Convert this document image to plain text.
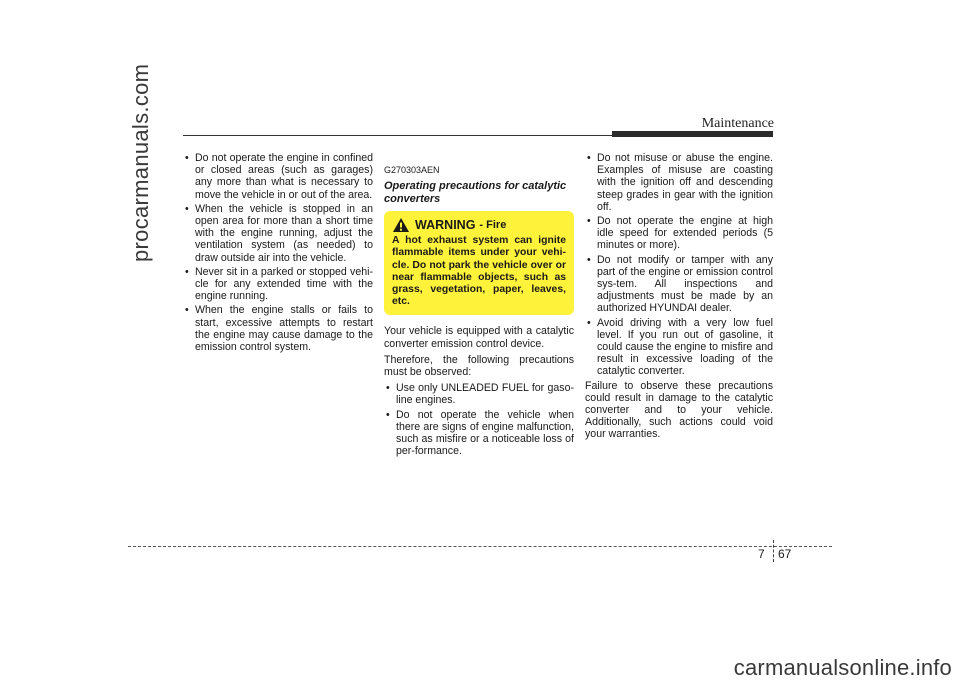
procarmanuals.com	Maintenance
• Do not operate the engine in confined or closed areas (such as garages) any more than what is necessary to move the vehicle in or out of the area.
• When the vehicle is stopped in an open area for more than a short time with the engine running, adjust the ventilation system (as needed) to draw outside air into the vehicle.
• Never sit in a parked or stopped vehi-cle for any extended time with the engine running.
• When the engine stalls or fails to start, excessive attempts to restart the engine may cause damage to the emission control system.
G270303AEN
Operating precautions for catalytic converters
WARNING - Fire
A hot exhaust system can ignite flammable items under your vehi-cle. Do not park the vehicle over or near flammable objects, such as grass, vegetation, paper, leaves, etc.

Your vehicle is equipped with a catalytic converter emission control device.

Therefore, the following precautions must be observed:

• Use only UNLEADED FUEL for gaso-line engines.
• Do not operate the vehicle when there are signs of engine malfunction, such as misfire or a noticeable loss of per-formance.
• Do not misuse or abuse the engine. Examples of misuse are coasting with the ignition off and descending steep grades in gear with the ignition off.
• Do not operate the engine at high idle speed for extended periods (5 minutes or more).
• Do not modify or tamper with any part of the engine or emission control sys-tem. All inspections and adjustments must be made by an authorized HYUNDAI dealer.
• Avoid driving with a very low fuel level. If you run out of gasoline, it could cause the engine to misfire and result in excessive loading of the catalytic converter.

Failure to observe these precautions could result in damage to the catalytic converter and to your vehicle. Additionally, such actions could void your warranties.

7 67
carmanualsonline.info
